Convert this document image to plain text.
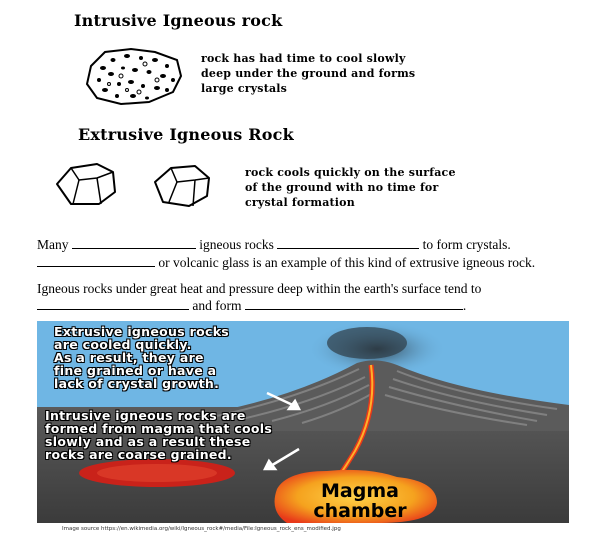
Intrusive Igneous rock
rock has had time to cool slowly
deep under the ground and forms
large crystals
Extrusive Igneous Rock
rock cools quickly on the surface
of the ground with no time for
crystal formation
Many	igneous rocks	to form crystals.
or volcanic glass is an example of this kind of extrusive igneous rock.
Igneous rocks under great heat and pressure deep within the earth's surface tend to
and form	.
Extrusive igneous rocks
are cooled quickly.
As a result, they are
fine grained or have a
lack of crystal growth.
Intrusive igneous rocks are
formed from magma that cools
slowly and as a result these
rocks are coarse grained.
Magma
chamber
Image source https://en.wikimedia.org/wiki/Igneous_rock#/media/File:Igneous_rock_ens_modified.jpg
